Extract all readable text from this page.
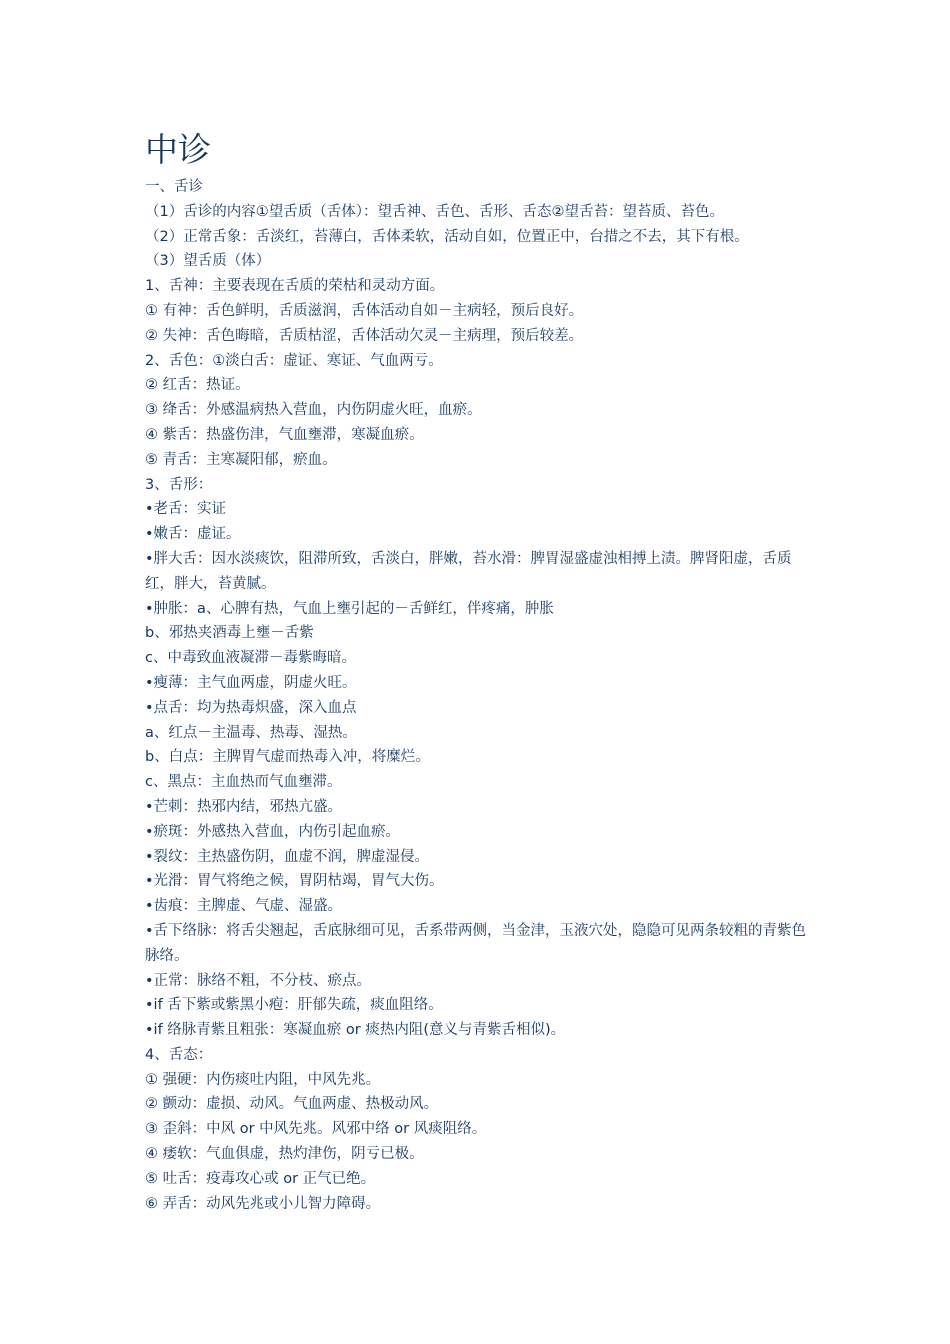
中诊

一、舌诊

（1）舌诊的内容①望舌质（舌体）：望舌神、舌色、舌形、舌态②望舌苔：望苔质、苔色。

（2）正常舌象：舌淡红，苔薄白，舌体柔软，活动自如，位置正中，台措之不去，其下有根。

（3）望舌质（体）

1、舌神：主要表现在舌质的荣枯和灵动方面。

① 有神：舌色鲜明，舌质滋润，舌体活动自如－主病轻，预后良好。

② 失神：舌色晦暗，舌质枯涩，舌体活动欠灵－主病理，预后较差。

2、舌色：①淡白舌：虚证、寒证、气血两亏。

② 红舌：热证。

③ 绛舌：外感温病热入营血，内伤阴虚火旺，血瘀。

④ 紫舌：热盛伤津，气血壅滞，寒凝血瘀。

⑤ 青舌：主寒凝阳郁，瘀血。

3、舌形：

•老舌：实证

•嫩舌：虚证。

•胖大舌：因水淡痰饮，阻滞所致，舌淡白，胖嫩，苔水滑：脾胃湿盛虚浊相搏上渍。脾肾阳虚，舌质红，胖大，苔黄腻。

•肿胀：a、心脾有热，气血上壅引起的－舌鲜红，伴疼痛，肿胀

b、邪热夹酒毒上壅－舌紫

c、中毒致血液凝滞－毒紫晦暗。

•瘦薄：主气血两虚，阴虚火旺。

•点舌：均为热毒炽盛，深入血点

a、红点－主温毒、热毒、湿热。

b、白点：主脾胃气虚而热毒入冲，将糜烂。

c、黑点：主血热而气血壅滞。

•芒刺：热邪内结，邪热亢盛。

•瘀斑：外感热入营血，内伤引起血瘀。

•裂纹：主热盛伤阴，血虚不润，脾虚湿侵。

•光滑：胃气将绝之候，胃阴枯竭，胃气大伤。

•齿痕：主脾虚、气虚、湿盛。

•舌下络脉：将舌尖翘起，舌底脉细可见，舌系带两侧，当金津，玉液穴处，隐隐可见两条较粗的青紫色脉络。

•正常：脉络不粗，不分枝、瘀点。

•if 舌下紫或紫黑小疱：肝郁失疏，痰血阻络。

•if 络脉青紫且粗张：寒凝血瘀 or 痰热内阻(意义与青紫舌相似)。

4、舌态：

① 强硬：内伤痰吐内阻，中风先兆。

② 颤动：虚损、动风。气血两虚、热极动风。

③ 歪斜：中风 or 中风先兆。风邪中络 or 风痰阻络。

④ 痿软：气血俱虚，热灼津伤，阴亏已极。

⑤ 吐舌：疫毒攻心或 or 正气已绝。

⑥ 弄舌：动风先兆或小儿智力障碍。
